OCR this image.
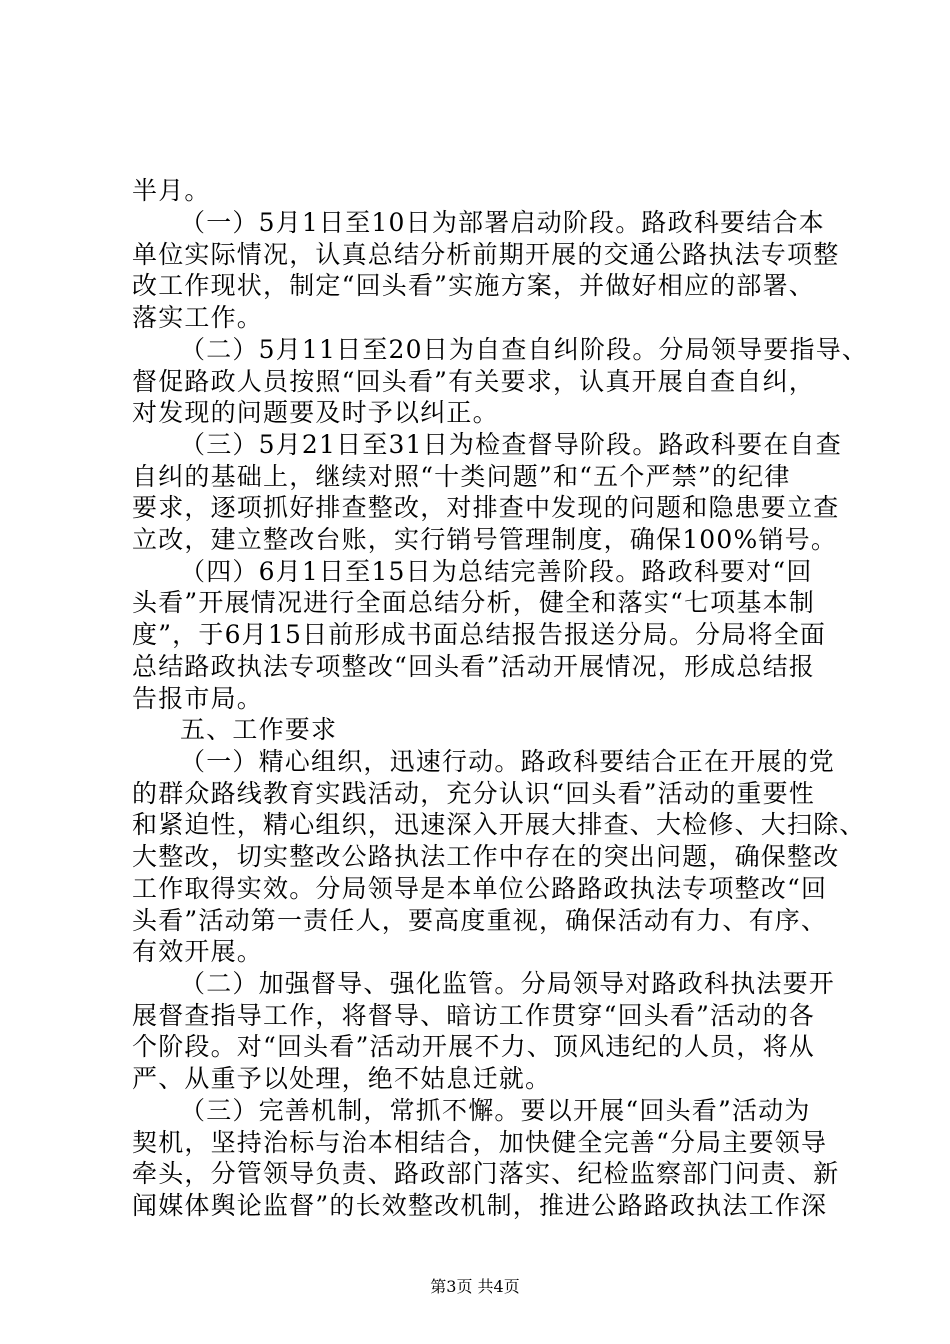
半月。
（一）5月1日至10日为部署启动阶段。路政科要结合本
单位实际情况，认真总结分析前期开展的交通公路执法专项整
改工作现状，制定“回头看”实施方案，并做好相应的部署、
落实工作。
（二）5月11日至20日为自查自纠阶段。分局领导要指导、
督促路政人员按照“回头看”有关要求，认真开展自查自纠，
对发现的问题要及时予以纠正。
（三）5月21日至31日为检查督导阶段。路政科要在自查
自纠的基础上，继续对照“十类问题”和“五个严禁”的纪律
要求，逐项抓好排查整改，对排查中发现的问题和隐患要立查
立改，建立整改台账，实行销号管理制度，确保100%销号。
（四）6月1日至15日为总结完善阶段。路政科要对“回
头看”开展情况进行全面总结分析，健全和落实“七项基本制
度”，于6月15日前形成书面总结报告报送分局。分局将全面
总结路政执法专项整改“回头看”活动开展情况，形成总结报
告报市局。
五、工作要求
（一）精心组织，迅速行动。路政科要结合正在开展的党
的群众路线教育实践活动，充分认识“回头看”活动的重要性
和紧迫性，精心组织，迅速深入开展大排查、大检修、大扫除、
大整改，切实整改公路执法工作中存在的突出问题，确保整改
工作取得实效。分局领导是本单位公路路政执法专项整改“回
头看”活动第一责任人，要高度重视，确保活动有力、有序、
有效开展。
（二）加强督导、强化监管。分局领导对路政科执法要开
展督查指导工作，将督导、暗访工作贯穿“回头看”活动的各
个阶段。对“回头看”活动开展不力、顶风违纪的人员，将从
严、从重予以处理，绝不姑息迁就。
（三）完善机制，常抓不懈。要以开展“回头看”活动为
契机，坚持治标与治本相结合，加快健全完善“分局主要领导
牵头，分管领导负责、路政部门落实、纪检监察部门问责、新
闻媒体舆论监督”的长效整改机制，推进公路路政执法工作深
第3页 共4页
